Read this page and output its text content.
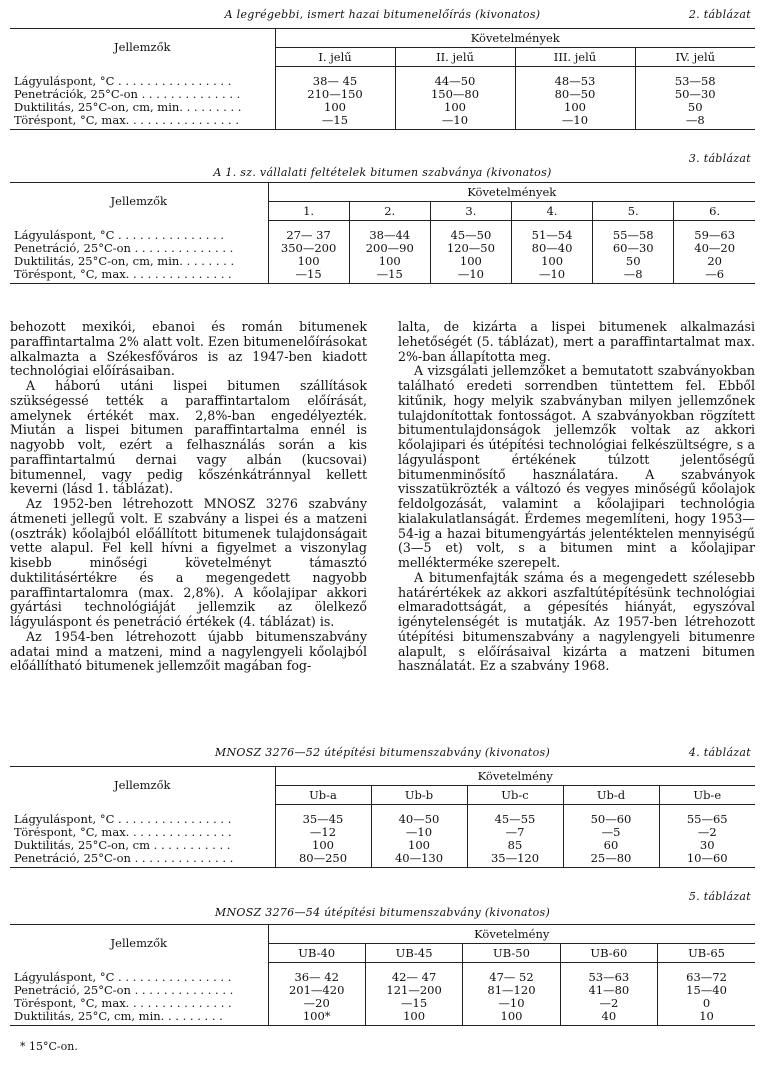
A legrégebbi, ismert hazai bitumenelőírás (kivonatos)	2. táblázat
Jellemzők	Követelmények			
	I. jelű	II. jelű	III. jelű	IV. jelű
Lágyuláspont, °C . . . . . . . . . . . . . . . .	38— 45	44—50	48—53	53—58
Penetrációk, 25°C-on . . . . . . . . . . . . . .	210—150	150—80	80—50	50—30
Duktilitás, 25°C-on, cm, min. . . . . . . . .	100	100	100	50
Töréspont, °C, max. . . . . . . . . . . . . . . .	—15	—10	—10	—8
3. táblázat
A 1. sz. vállalati feltételek bitumen szabványa (kivonatos)
Jellemzők	Követelmények					
	1.	2.	3.	4.	5.	6.
Lágyuláspont, °C . . . . . . . . . . . . . . .	27— 37	38—44	45—50	51—54	55—58	59—63
Penetráció, 25°C-on . . . . . . . . . . . . . .	350—200	200—90	120—50	80—40	60—30	40—20
Duktilitás, 25°C-on, cm, min. . . . . . . .	100	100	100	100	50	20
Töréspont, °C, max. . . . . . . . . . . . . . .	—15	—15	—10	—10	—8	—6

behozott mexikói, ebanoi és román bitumenek paraffintartalma 2% alatt volt. Ezen bitumenelőírásokat alkalmazta a Székesfőváros is az 1947-ben kiadott technológiai előírásaiban.

A háború utáni lispei bitumen szállítások szükségessé tették a paraffintartalom előírását, amelynek értékét max. 2,8%-ban engedélyezték. Miután a lispei bitumen paraffintartalma ennél is nagyobb volt, ezért a felhasználás során a kis paraffintartalmú dernai vagy albán (kucsovai) bitumennel, vagy pedig kőszénkátránnyal kellett keverni (lásd 1. táblázat).

Az 1952-ben létrehozott MNOSZ 3276 szabvány átmeneti jellegű volt. E szabvány a lispei és a matzeni (osztrák) kőolajból előállított bitumenek tulajdonságait vette alapul. Fel kell hívni a figyelmet a viszonylag kisebb minőségi követelményt támasztó duktilitásértékre és a megengedett nagyobb paraffintartalomra (max. 2,8%). A kőolajipar akkori gyártási technológiáját jellemzik az ölelkező lágyuláspont és penetráció értékek (4. táblázat) is.

Az 1954-ben létrehozott újabb bitumenszabvány adatai mind a matzeni, mind a nagylengyeli kőolajból előállítható bitumenek jellemzőit magában fog-

lalta, de kizárta a lispei bitumenek alkalmazási lehetőségét (5. táblázat), mert a paraffintartalmat max. 2%-ban állapította meg.

A vizsgálati jellemzőket a bemutatott szabványokban található eredeti sorrendben tüntettem fel. Ebből kitűnik, hogy melyik szabványban milyen jellemzőnek tulajdonítottak fontosságot. A szabványokban rögzített bitumentulajdonságok jellemzők voltak az akkori kőolajipari és útépítési technológiai felkészültségre, s a lágyuláspont értékének túlzott jelentőségű bitumenminősítő használatára. A szabványok visszatükrözték a változó és vegyes minőségű kőolajok feldolgozását, valamint a kőolajipari technológia kialakulatlanságát. Érdemes megemlíteni, hogy 1953—54-ig a hazai bitumengyártás jelentéktelen mennyiségű (3—5 et) volt, s a bitumen mint a kőolajipar mellékterméke szerepelt.

A bitumenfajták száma és a megengedett szélesebb határértékek az akkori aszfaltútépítésünk technológiai elmaradottságát, a gépesítés hiányát, egyszóval igénytelenségét is mutatják. Az 1957-ben létrehozott útépítési bitumenszabvány a nagylengyeli bitumenre alapult, s előírásaival kizárta a matzeni bitumen használatát. Ez a szabvány 1968.

MNOSZ 3276—52 útépítési bitumenszabvány (kivonatos)	4. táblázat
Jellemzők	Követelmény				
	Ub-a	Ub-b	Ub-c	Ub-d	Ub-e
Lágyuláspont, °C . . . . . . . . . . . . . . . .	35—45	40—50	45—55	50—60	55—65
Töréspont, °C, max. . . . . . . . . . . . . . .	—12	—10	—7	—5	—2
Duktilitás, 25°C-on, cm . . . . . . . . . . .	100	100	85	60	30
Penetráció, 25°C-on . . . . . . . . . . . . . .	80—250	40—130	35—120	25—80	10—60
5. táblázat
MNOSZ 3276—54 útépítési bitumenszabvány (kivonatos)
Jellemzők	Követelmény				
	UB-40	UB-45	UB-50	UB-60	UB-65
Lágyuláspont, °C . . . . . . . . . . . . . . . .	36— 42	42— 47	47— 52	53—63	63—72
Penetráció, 25°C-on . . . . . . . . . . . . . .	201—420	121—200	81—120	41—80	15—40
Töréspont, °C, max. . . . . . . . . . . . . . .	—20	—15	—10	—2	0
Duktilitás, 25°C, cm, min. . . . . . . . .	100*	100	100	40	10
* 15°C-on.
